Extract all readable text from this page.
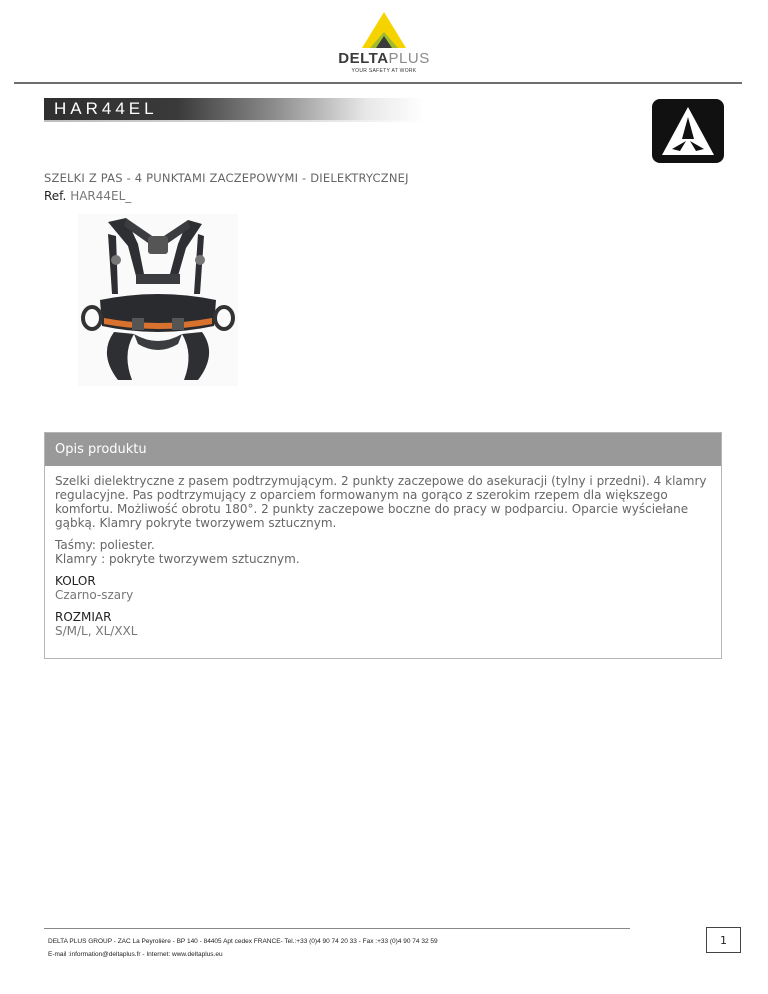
DELTAPLUS
YOUR SAFETY AT WORK
HAR44EL
SZELKI Z PAS - 4 PUNKTAMI ZACZEPOWYMI - DIELEKTRYCZNEJ
Ref. HAR44EL_
Opis produktu

Szelki dielektryczne z pasem podtrzymującym. 2 punkty zaczepowe do asekuracji (tylny i przedni). 4 klamry regulacyjne. Pas podtrzymujący z oparciem formowanym na gorąco z szerokim rzepem dla większego komfortu. Możliwość obrotu 180°. 2 punkty zaczepowe boczne do pracy w podparciu. Oparcie wyściełane gąbką. Klamry pokryte tworzywem sztucznym.

Taśmy: poliester.
Klamry : pokryte tworzywem sztucznym.

KOLOR
Czarno-szary
ROZMIAR
S/M/L, XL/XXL
DELTA PLUS GROUP - ZAC La Peyrolière - BP 140 - 84405 Apt cedex FRANCE- Tel.:+33 (0)4 90 74 20 33 - Fax :+33 (0)4 90 74 32 59
E-mail :information@deltaplus.fr - Internet: www.deltaplus.eu
1
